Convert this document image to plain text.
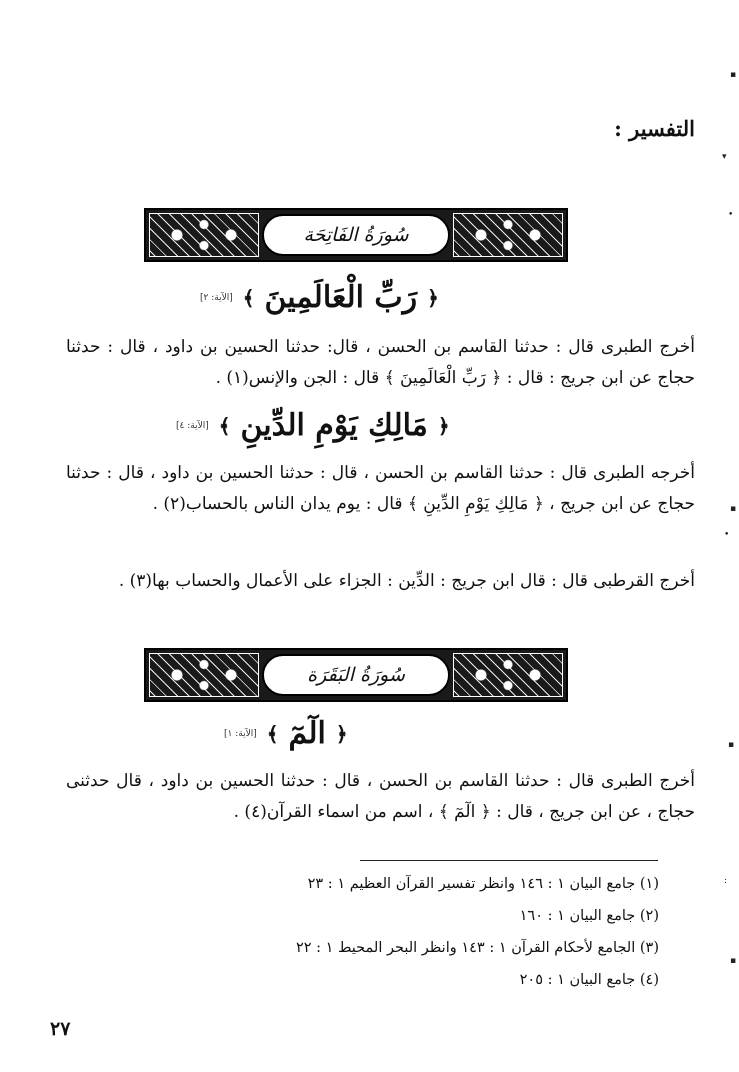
التفسير :
سُورَةُ الفَاتِحَة
﴿
رَبِّ الْعَالَمِينَ
﴾
[الآية: ٢]

أخرج الطبرى قال : حدثنا القاسم بن الحسن ، قال: حدثنا الحسين بن داود ، قال : حدثنا حجاج عن ابن جريج : قال : ﴿ رَبِّ الْعَالَمِينَ ﴾ قال : الجن والإنس(١) .

﴿
مَالِكِ يَوْمِ الدِّينِ
﴾
[الآية: ٤]

أخرجه الطبرى قال : حدثنا القاسم بن الحسن ، قال : حدثنا الحسين بن داود ، قال : حدثنا حجاج عن ابن جريج ، ﴿ مَالِكِ يَوْمِ الدِّينِ ﴾ قال : يوم يدان الناس بالحساب(٢) .

أخرج القرطبى قال : قال ابن جريج : الدِّين : الجزاء على الأعمال والحساب بها(٣) .

سُورَةُ البَقَرَة
﴿
الٓمٓ
﴾
[الآية: ١]

أخرج الطبرى قال : حدثنا القاسم بن الحسن ، قال : حدثنا الحسين بن داود ، قال حدثنى حجاج ، عن ابن جريج ، قال : ﴿ الٓمٓ ﴾ ، اسم من اسماء القرآن(٤) .

(١) جامع البيان ١ : ١٤٦ وانظر تفسير القرآن العظيم ١ : ٢٣
(٢) جامع البيان ١ : ١٦٠
(٣) الجامع لأحكام القرآن ١ : ١٤٣ وانظر البحر المحيط ١ : ٢٢
(٤) جامع البيان ١ : ٢٠٥
٢٧
▪
▾
•
▪
•
▪
:
▪
